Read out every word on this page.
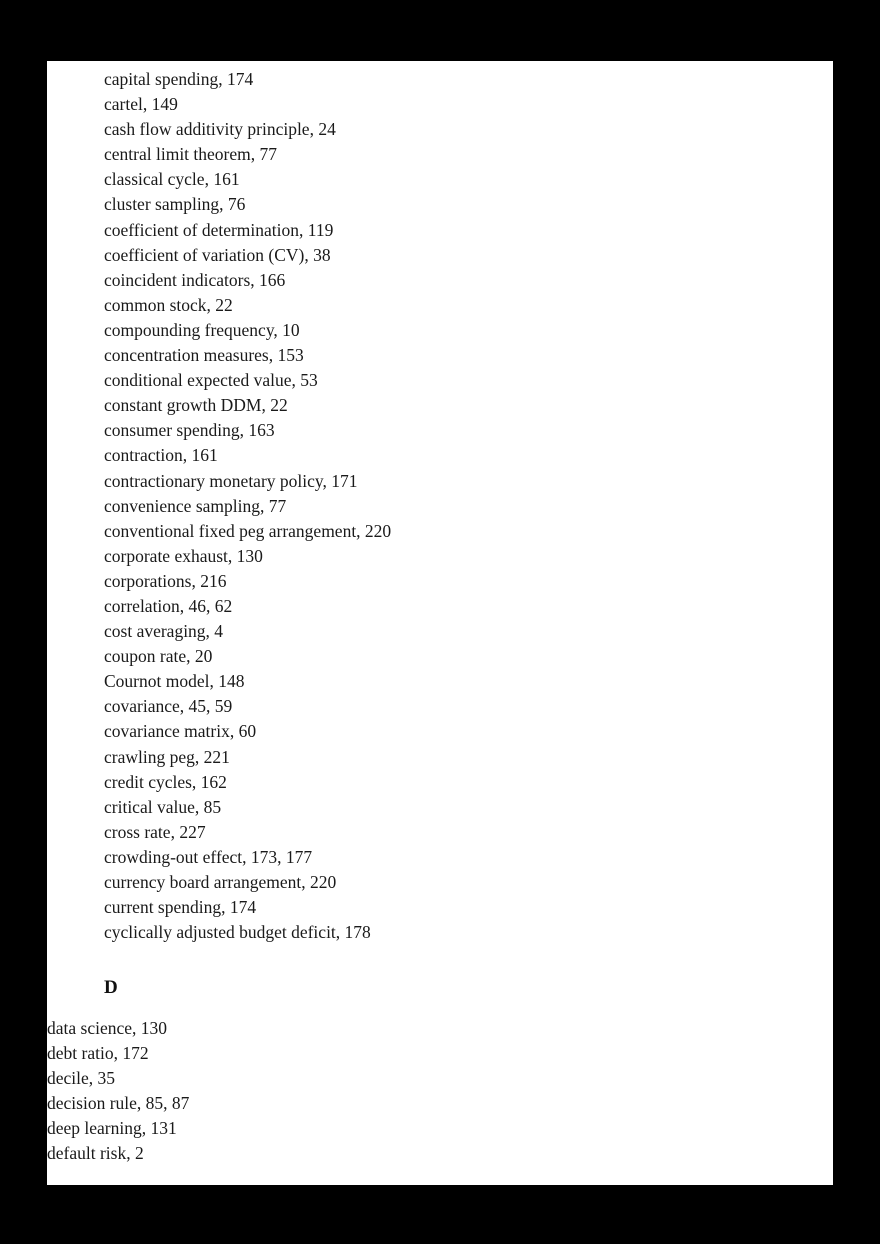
capital spending, 174
cartel, 149
cash flow additivity principle, 24
central limit theorem, 77
classical cycle, 161
cluster sampling, 76
coefficient of determination, 119
coefficient of variation (CV), 38
coincident indicators, 166
common stock, 22
compounding frequency, 10
concentration measures, 153
conditional expected value, 53
constant growth DDM, 22
consumer spending, 163
contraction, 161
contractionary monetary policy, 171
convenience sampling, 77
conventional fixed peg arrangement, 220
corporate exhaust, 130
corporations, 216
correlation, 46, 62
cost averaging, 4
coupon rate, 20
Cournot model, 148
covariance, 45, 59
covariance matrix, 60
crawling peg, 221
credit cycles, 162
critical value, 85
cross rate, 227
crowding-out effect, 173, 177
currency board arrangement, 220
current spending, 174
cyclically adjusted budget deficit, 178
D
data science, 130
debt ratio, 172
decile, 35
decision rule, 85, 87
deep learning, 131
default risk, 2
